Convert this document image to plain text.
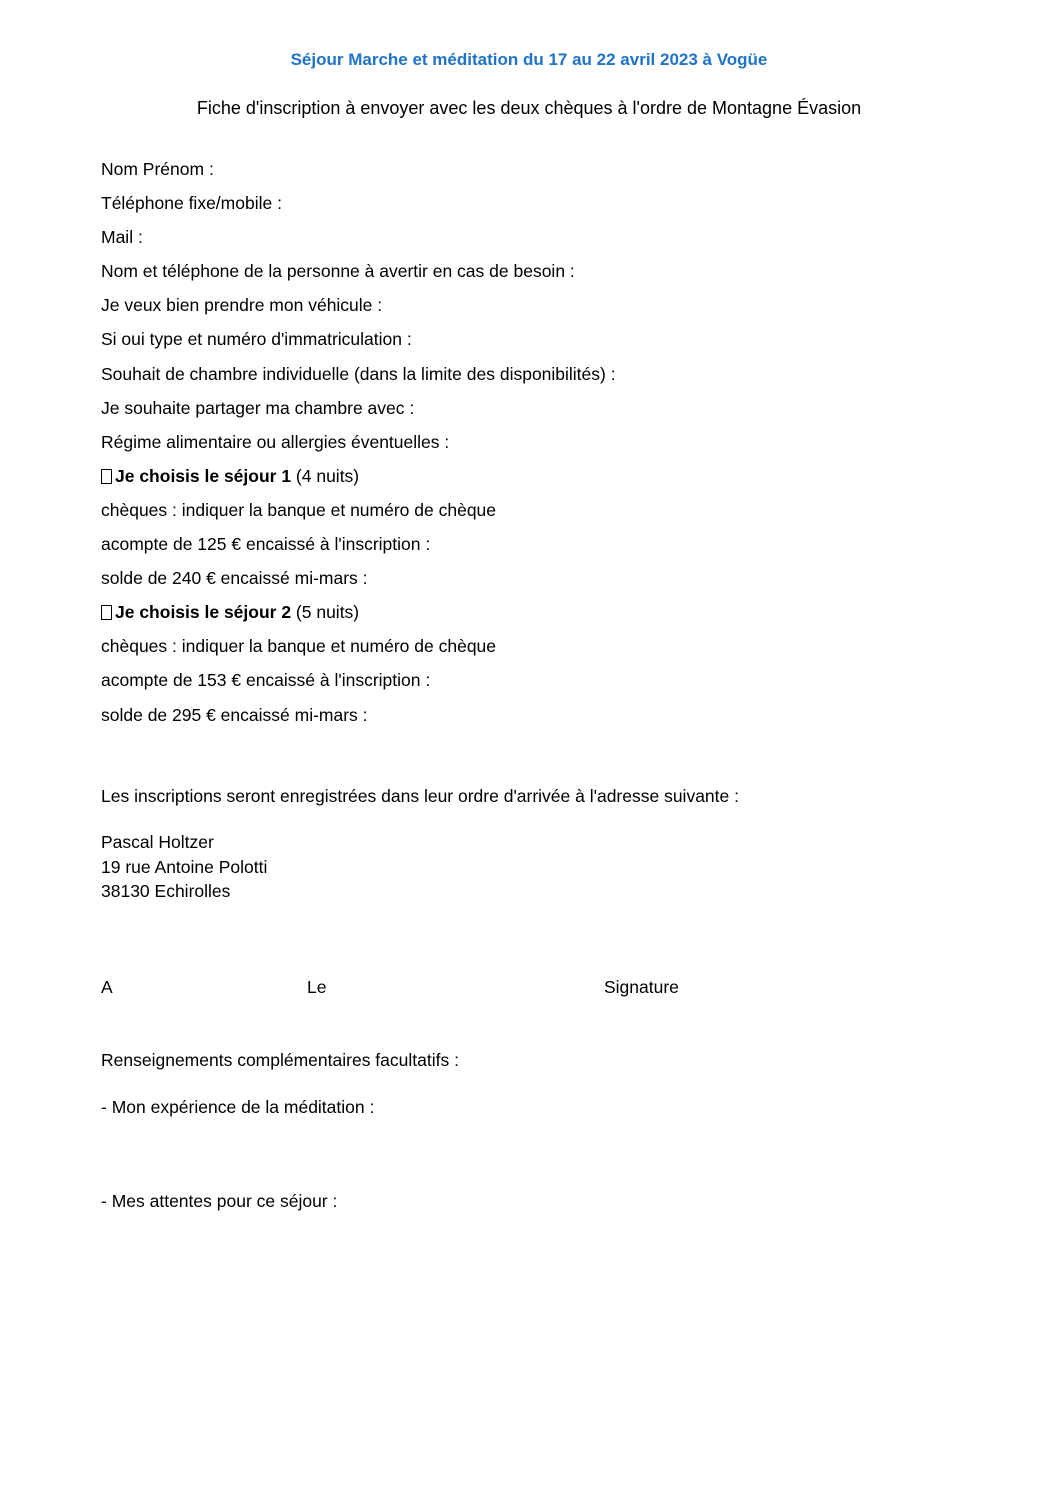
Séjour Marche et méditation du 17 au 22 avril 2023 à Vogüe
Fiche d'inscription à envoyer avec les deux chèques à l'ordre de Montagne Évasion
Nom Prénom :
Téléphone fixe/mobile :
Mail :
Nom et téléphone de la personne à avertir en cas de besoin :
Je veux bien prendre mon véhicule :
Si oui type et numéro d'immatriculation :
Souhait de chambre individuelle (dans la limite des disponibilités) :
Je souhaite partager ma chambre avec :
Régime alimentaire ou allergies éventuelles :
Je choisis le séjour 1 (4 nuits)
chèques : indiquer la banque et numéro de chèque
acompte de 125 € encaissé à l'inscription :
solde de 240 € encaissé mi-mars :
Je choisis le séjour 2 (5 nuits)
chèques : indiquer la banque et numéro de chèque
acompte de 153 € encaissé à l'inscription :
solde de 295 € encaissé mi-mars :
Les inscriptions seront enregistrées dans leur ordre d'arrivée à l'adresse suivante :
Pascal Holtzer
19 rue Antoine Polotti
38130 Echirolles
A	Le	Signature
Renseignements complémentaires facultatifs :
- Mon expérience de la méditation :
- Mes attentes pour ce séjour :
